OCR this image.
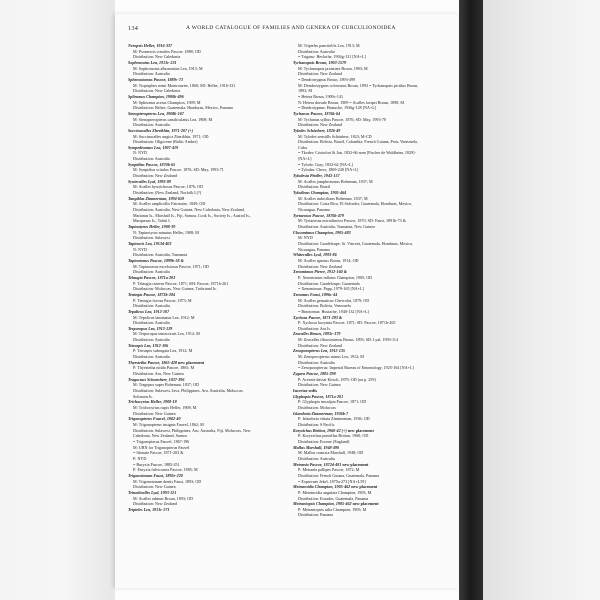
134	A WORLD CATALOGUE OF FAMILIES AND GENERA OF CURCULIONOIDEA
Neropsis Heller, 1916-337
M: Psomecris comifex Pascoe, 1888; OD
Distribution: New Caledonia
Sophronotus Lea, 1913c-221
M: Sophronotus albonotatus Lea, 1913; M
Distribution: Australia
Sphenostomus Pascoe, 1889c-73
M: Tropisphex nemi Montrouzier, 1860; SD: Heller, 1916-331
Distribution: New Caledonia
Splinonus Champion, 1900b-496
M: Splinonus acetus Champion, 1909; M
Distribution: Belize, Guatemala, Honduras, Mexico, Panama
Stenopteropterus Lea, 1908b-167
M: Stenopteropterus canaliculatus Lea, 1908; M
Distribution: Australia
Succinacalles Zherikhin, 1971-207 (+)
M: Succinacalles ungica Zherikhin, 1971; OD
Distribution: Oligocene (Baltic Amber)
Sympedisomus Lea, 1907-419
N: NYD
Distribution: Australia
Synpidius Pascoe, 1870b-65
M: Synpidius scitulus Pascoe, 1876; SD: May, 1993-71
Distribution: New Zealand
Syntecalles Lyal, 1993-89
M: Acalles hystrichosus Pascoe, 1876; OD
Distribution: (New Zealand, Norfolk I.(?)
Tangiblas Zimmerman, 1994-659
M: Acalles amplicollis Fairmaire, 1849; OD
Distribution: Australia, New Guinea, New Caledonia, New Zealand,
Marianas Is., Marshall Is., Fiji, Samoa, Cook Is., Society Is., Austral Is.,
Marquesas Is., Tahiti I.
Tapinotyrus Heller, 1908-39
N: Tapinotyrus minutus Heller, 1908; M
Distribution: Sulawesi
Tapinocis Lea, 1913d-403
N: NYD
Distribution: Australia, Tasmania
Tapinotonus Pascoe, 1899b-58 &
M: Tapinoserus excelsiosus Pascoe, 1871; OD
Distribution: Australia
Telaugia Pascoe, 1871a-203
P: Telaugia cinerea Pascoe, 1871; SM: Pascoe, 1871b-261
Distribution: Moluccas, New Guinea, Trobriand Is.
Tentegia Pascoe, 1873b-284
P: Tentegia favosa Pascoe, 1873; M
Distribution: Australia
Tepalicus Lea, 1912-107
M: Tepalicus laminatus Lea, 1912; M
Distribution: Australia
Terporopus Lea, 1912-129
M: Terporopus tenuicornis Lea, 1912; M
Distribution: Australia
Tetraspis Lea, 1912-106
P: Tetraspis subrugata Lea, 1912; M
Distribution: Australia
Thyestetha Pascoe, 1865-428 new placement
P: Thyestetha nitida Pascoe, 1865; M
Distribution: Aru, New Guinea
Tragocnus Schoenherr, 1837-396
M: Tragopus super Boheman, 1837; OD
Distribution: Sulawesi, Java, Philippines, Aru, Australia, Moluccas,
Solomon Is.
Trichocyrtus Heller, 1908-18
M: Trichocyrtus rupix Heller, 1908; M
Distribution: New Guinea
Trigonopterus Fauvel, 1862-40
M: Trigonopterus insignis Fauvel, 1862; M
Distribution: Sulawesi, Philippines, Aru, Australia, Fiji, Moluccas, New
Caledonia, New Zealand, Samoa
= Trigonopterus Fauvel, 1867-196
M: URN for Trigonopterus Fauvel
= Idotarte Pascoe, 1871-203 &
P: NYD
= Buryxia Pascoe, 1885-251
P: Euryxia fulvicornis Pascoe, 1885; M
Trigonotonum Faust, 1892e-220
M: Trigonotonum dentis Faust, 1893; OD
Distribution: New Guinea
Trinodicalles Lyal, 1993-121
M: Acalles adamsi Broun, 1893; OD
Distribution: New Zealand
Tripteles Lea, 1913c-271
M: Tripteles panctiolfis Lea, 1913; M
Distribution: Australia
= Trigono: Heslache, 1904g-131 [NA+L]
Tychanopais Broun, 1903-1579
M: Tychanopais praistiaie Broun, 1893; M
Distribution: New Zealand
= Dendrostygnus Broun, 1893-499
M: Dendrostygnus coloreatus Broun, 1893 = Tychanopais pictilus Broun,
1893; M
= Hetera Broun, 1909c-141
N: Hetera dorsale Broun, 1909 = Acalles fasipei Broun, 1898; M
= Dendrotypnus: Hustache, 1936g-128 [NA+L]
Tychanus Pascoe, 1876b-64
M: Tychanus sylbus Pascoe, 1876; SD: May, 1993-70
Distribution: New Zealand
Tylodes Schönherr, 1826-49
M: Tylodes sensiills Schönherr, 1823; M-CD
Distribution: Bolivia, Brazil, Colombia, French Guiana, Peru, Venezuela,
Cuba
= Tkoder: Cristofori & Jan, 1832-66 nom [Fischer de Waldheim, 1829]-
[NA+L]
= Tylodo: Gray, 1832-62 [NA+L]
= Tylodas: Chevr, 1869-240 [NA+L]
Tylodesia Piedler, 1943-157
M: Acalles jamphronosus Boheman, 1837; M
Distribution: Brazil
Tylodinus Champion, 1905-464
M: Acalles indocilians Boheman, 1837; M
Distribution: Costa Rica, El Salvador, Guatemala, Honduras, Mexico,
Nicaragua, Panama
Tyrtaeosus Pascoe, 1870b-479
M: Tyrtaeosus microlineosi Pascoe, 1870; SD: Faust, 1891b-73 &
Distribution: Australia, Tasmania, New Guinea
Ulosomimus Champion, 1905-483
M: NYD
Distribution: Guadeloupe, St. Vincent, Guatemala, Honduras, Mexico,
Nicaragua, Panama
Whitecalles Lyal, 1993-86
M: Acalles ignotus Broun, 1914; OD
Distribution: New Zealand
Xenomimus Pierce, 1912-160 &
P: Xenomimus inflatus Champion, 1905; OD
Distribution: Guadeloupe; Guatemala
= Xenomimus: Papp, 1979-165 [NA+L]
Xenomus Faust, 1896c-44
M: Acalles gemuticus Chevrolat, 1879; OD
Distribution: Bolivia, Venezuela
= Binotomus: Hustache, 1940-132 [NA+L]
Xychosa Pascoe, 1871-293 &
P: Xychosa lacrymia Pascoe, 1871; SD: Pascoe, 1871b-265
Distribution: Aru Is.
Zeacalles Broun, 1893c-379
M: Zeacalles fibrosissimus Broun, 1893; SD: Lyal, 1993-114
Distribution: New Zealand
Zenoporopterus Lea, 1912-135
M: Zenoporopterus minus Lea, 1912; M
Distribution: Australia
= Zenoporopterus: Imperial Bureau of Entomology, 1925-164 [NA+L]
Zygara Pascoe, 1885-298
P: Acenste daviai Kirsch, 1879; OD (on p. 259)
Distribution: New Guinea
Incertae sedis
Glyphopia Pascoe, 1871a-201
P: Glyphopia insculpta Pascoe, 1871; OD
Distribution: Moluccas
Islandoria Zimmerman, 1936b-7
P: Islandoria vittata Zimmerman, 1936; OD
Distribution: S Pacific
Koryzichus Britton, 1960-42 (+) new placement
P: Koryzichus pontellus Britton, 1960; OD
Distribution: Eocene (England)
Mallus Marshall, 1948-490
M: Mallus comixta Marshall, 1948; OD
Distribution: Australia
Metrania Pascoe, 1872d-481 new placement
P: Metrania pallipes Pascoe, 1872; M
Distribution: French Guiana, Guatemala, Panama
= Exptecnes Jekel, 1875a-273 [NA+L59]
Metrancidia Champion, 1905-462 new placement
P: Metrancidia angulata Champion, 1905; M
Distribution: Ecuador, Guatemala, Panama
Metraniopsis Champion, 1905-462 new placement
P: Metraniopsis ralia Champion, 1905; M
Distribution: Panama
